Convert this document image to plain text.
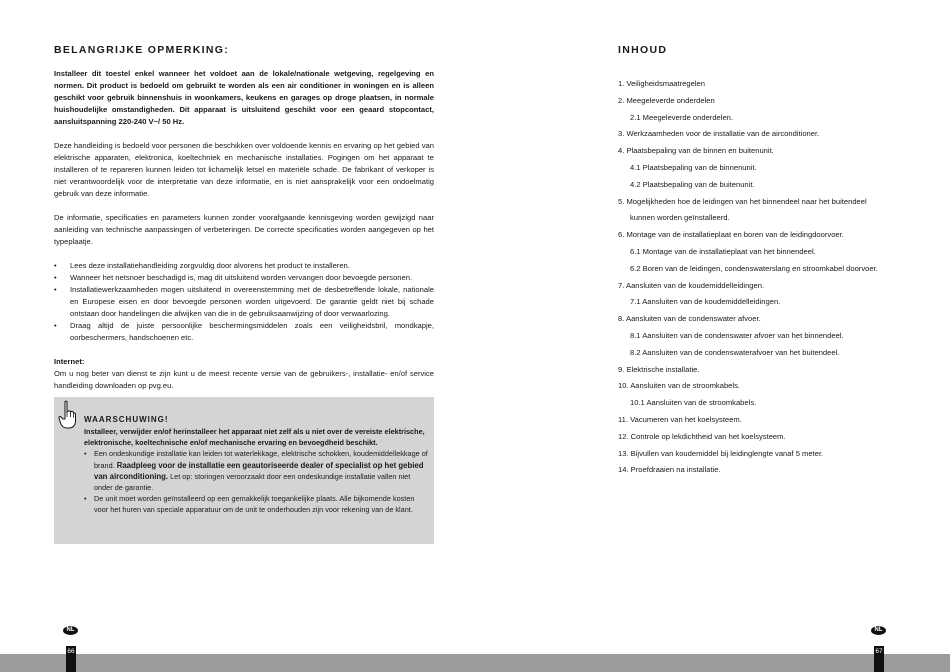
BELANGRIJKE OPMERKING:

Installeer dit toestel enkel wanneer het voldoet aan de lokale/nationale wetgeving, regelgeving en normen. Dit product is bedoeld om gebruikt te worden als een air conditioner in woningen en is alleen geschikt voor gebruik binnenshuis in woonkamers, keukens en garages op droge plaatsen, in normale huishoudelijke omstandigheden. Dit apparaat is uitsluitend geschikt voor een geaard stopcontact, aansluitspanning 220-240 V~/ 50 Hz.

Deze handleiding is bedoeld voor personen die beschikken over voldoende kennis en ervaring op het gebied van elektrische apparaten, elektronica, koeltechniek en mechanische installaties. Pogingen om het apparaat te installeren of te repareren kunnen leiden tot lichamelijk letsel en materiële schade. De fabrikant of verkoper is niet verantwoordelijk voor de interpretatie van deze informatie, en is niet aansprakelijk voor een ondoelmatig gebruik van deze informatie.

De informatie, specificaties en parameters kunnen zonder voorafgaande kennisgeving worden gewijzigd naar aanleiding van technische aanpassingen of verbeteringen. De correcte specificaties worden aangegeven op het typeplaatje.

• Lees deze installatiehandleiding zorgvuldig door alvorens het product te installeren.
• Wanneer het netsnoer beschadigd is, mag dit uitsluitend worden vervangen door bevoegde personen.
• Installatiewerkzaamheden mogen uitsluitend in overeenstemming met de desbetreffende lokale, nationale en Europese eisen en door bevoegde personen worden uitgevoerd. De garantie geldt niet bij schade ontstaan door handelingen die afwijken van die in de gebruiksaanwijzing of door verwaarlozing.
• Draag altijd de juiste persoonlijke beschermingsmiddelen zoals een veiligheidsbril, mondkapje, oorbeschermers, handschoenen etc.
Internet:

Om u nog beter van dienst te zijn kunt u de meest recente versie van de gebruikers-, installatie- en/of service handleiding downloaden op pvg.eu.

WAARSCHUWING!
Installeer, verwijder en/of herinstalleer het apparaat niet zelf als u niet over de vereiste elektrische, elektronische, koeltechnische en/of mechanische ervaring en bevoegdheid beschikt.
• Een ondeskundige installatie kan leiden tot waterlekkage, elektrische schokken, koudemiddellekkage of brand. Raadpleeg voor de installatie een geautoriseerde dealer of specialist op het gebied van airconditioning. Let op: storingen veroorzaakt door een ondeskundige installatie vallen niet onder de garantie.
• De unit moet worden geïnstalleerd op een gemakkelijk toegankelijke plaats. Alle bijkomende kosten voor het huren van speciale apparatuur om de unit te onderhouden zijn voor rekening van de klant.
NL
INHOUD
NL
1. Veiligheidsmaatregelen
2. Meegeleverde onderdelen
2.1 Meegeleverde onderdelen.
3. Werkzaamheden voor de installatie van de airconditioner.
4. Plaatsbepaling van de binnen en buitenunit.
4.1 Plaatsbepaling van de binnenunit.
4.2 Plaatsbepaling van de buitenunit.
5. Mogelijkheden hoe de leidingen van het binnendeel naar het buitendeel
kunnen worden geïnstalleerd.
6. Montage van de installatieplaat en boren van de leidingdoorvoer.
6.1 Montage van de installatieplaat van het binnendeel.
6.2 Boren van de leidingen, condenswaterslang en stroomkabel doorvoer.
7. Aansluiten van de koudemiddelleidingen.
7.1 Aansluiten van de koudemiddelleidingen.
8. Aansluiten van de condenswater afvoer.
8.1 Aansluiten van de condenswater afvoer van het binnendeel.
8.2 Aansluiten van de condenswaterafvoer van het buitendeel.
9. Elektrische installatie.
10. Aansluiten van de stroomkabels.
10.1 Aansluiten van de stroomkabels.
11. Vacumeren van het koelsysteem.
12. Controle op lekdichtheid van het koelsysteem.
13. Bijvullen van koudemiddel bij leidinglengte vanaf 5 meter.
14. Proefdraaien na installatie.
66	67
